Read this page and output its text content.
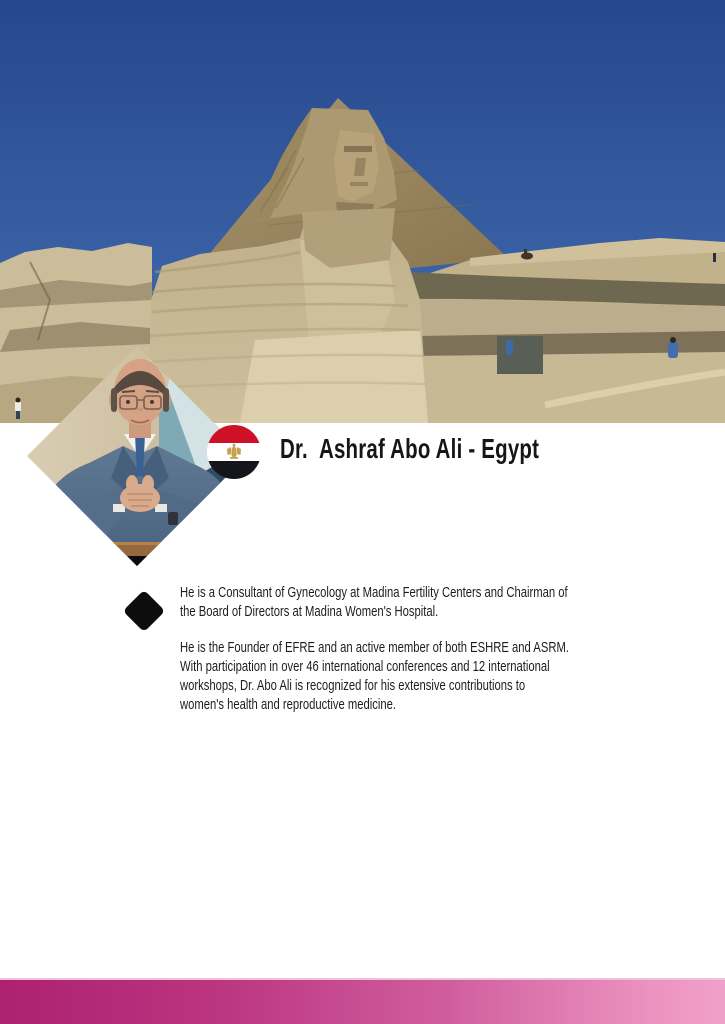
Dr.  Ashraf Abo Ali - Egypt
He is a Consultant of Gynecology at Madina Fertility Centers and Chairman of
the Board of Directors at Madina Women's Hospital.
He is the Founder of EFRE and an active member of both ESHRE and ASRM.
With participation in over 46 international conferences and 12 international
workshops, Dr. Abo Ali is recognized for his extensive contributions to
women's health and reproductive medicine.
